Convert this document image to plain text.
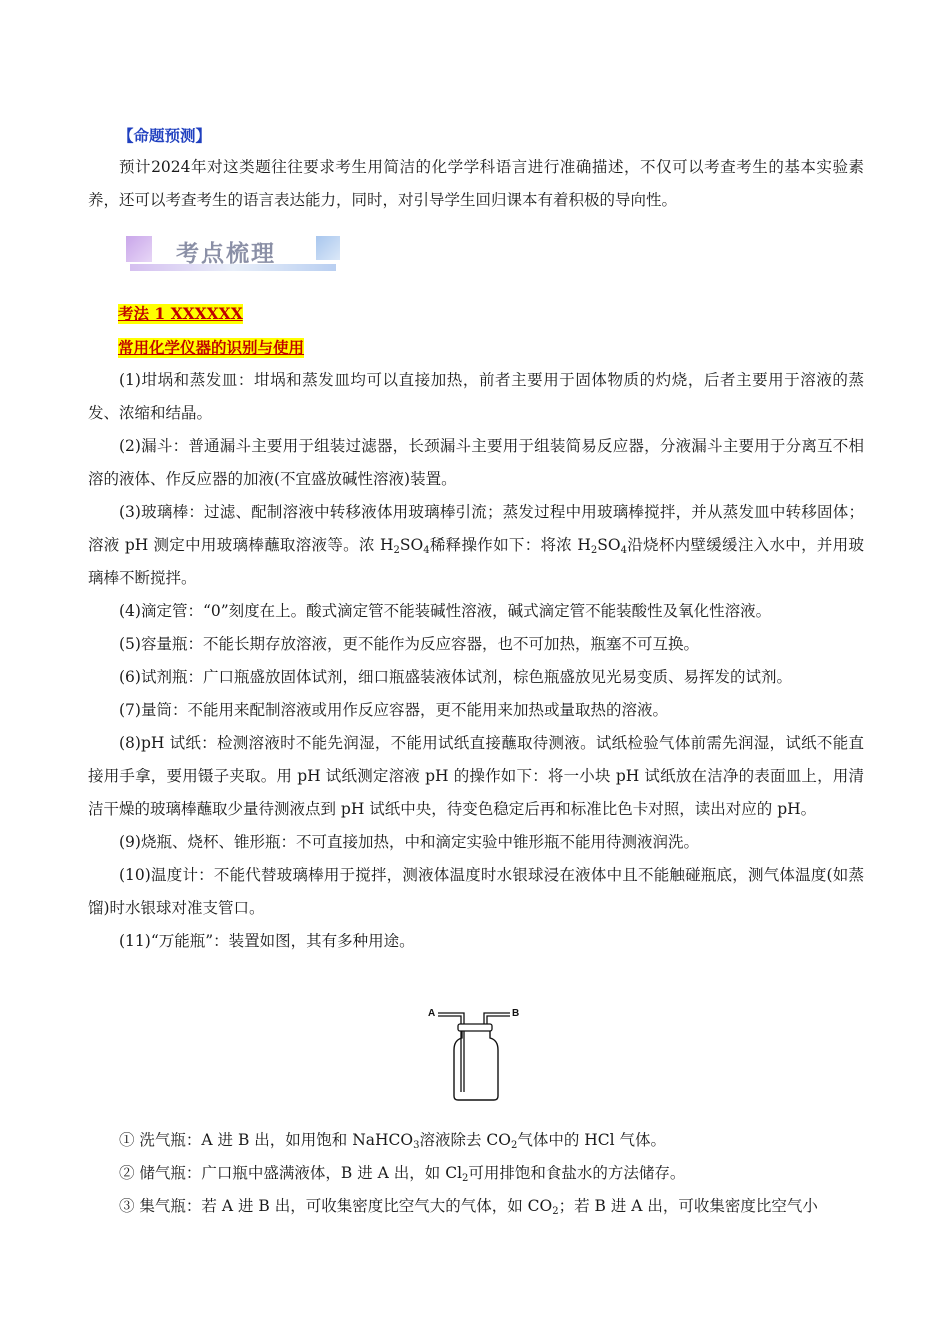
【命题预测】

预计2024年对这类题往往要求考生用简洁的化学学科语言进行准确描述，不仅可以考查考生的基本实验素养，还可以考查考生的语言表达能力，同时，对引导学生回归课本有着积极的导向性。

考点梳理
考法 1 XXXXXX
常用化学仪器的识别与使用

(1)坩埚和蒸发皿：坩埚和蒸发皿均可以直接加热，前者主要用于固体物质的灼烧，后者主要用于溶液的蒸发、浓缩和结晶。

(2)漏斗：普通漏斗主要用于组装过滤器，长颈漏斗主要用于组装简易反应器，分液漏斗主要用于分离互不相溶的液体、作反应器的加液(不宜盛放碱性溶液)装置。

(3)玻璃棒：过滤、配制溶液中转移液体用玻璃棒引流；蒸发过程中用玻璃棒搅拌，并从蒸发皿中转移固体；溶液 pH 测定中用玻璃棒蘸取溶液等。浓 $H_2SO_4$稀释操作如下：将浓 $H_2SO_4$沿烧杯内壁缓缓注入水中，并用玻璃棒不断搅拌。

(4)滴定管：“0”刻度在上。酸式滴定管不能装碱性溶液，碱式滴定管不能装酸性及氧化性溶液。

(5)容量瓶：不能长期存放溶液，更不能作为反应容器，也不可加热，瓶塞不可互换。

(6)试剂瓶：广口瓶盛放固体试剂，细口瓶盛装液体试剂，棕色瓶盛放见光易变质、易挥发的试剂。

(7)量筒：不能用来配制溶液或用作反应容器，更不能用来加热或量取热的溶液。

(8)pH 试纸：检测溶液时不能先润湿，不能用试纸直接蘸取待测液。试纸检验气体前需先润湿，试纸不能直接用手拿，要用镊子夹取。用 pH 试纸测定溶液 pH 的操作如下：将一小块 pH 试纸放在洁净的表面皿上，用清洁干燥的玻璃棒蘸取少量待测液点到 pH 试纸中央，待变色稳定后再和标准比色卡对照，读出对应的 pH。

(9)烧瓶、烧杯、锥形瓶：不可直接加热，中和滴定实验中锥形瓶不能用待测液润洗。

(10)温度计：不能代替玻璃棒用于搅拌，测液体温度时水银球浸在液体中且不能触碰瓶底，测气体温度(如蒸馏)时水银球对准支管口。

(11)“万能瓶”：装置如图，其有多种用途。

A	B

① 洗气瓶：A 进 B 出，如用饱和 NaHCO$_3$溶液除去 $CO_2$气体中的 HCl 气体。

② 储气瓶：广口瓶中盛满液体，B 进 A 出，如 $Cl_2$可用排饱和食盐水的方法储存。

③ 集气瓶：若 A 进 B 出，可收集密度比空气大的气体，如 $CO_2$；若 B 进 A 出，可收集密度比空气小
